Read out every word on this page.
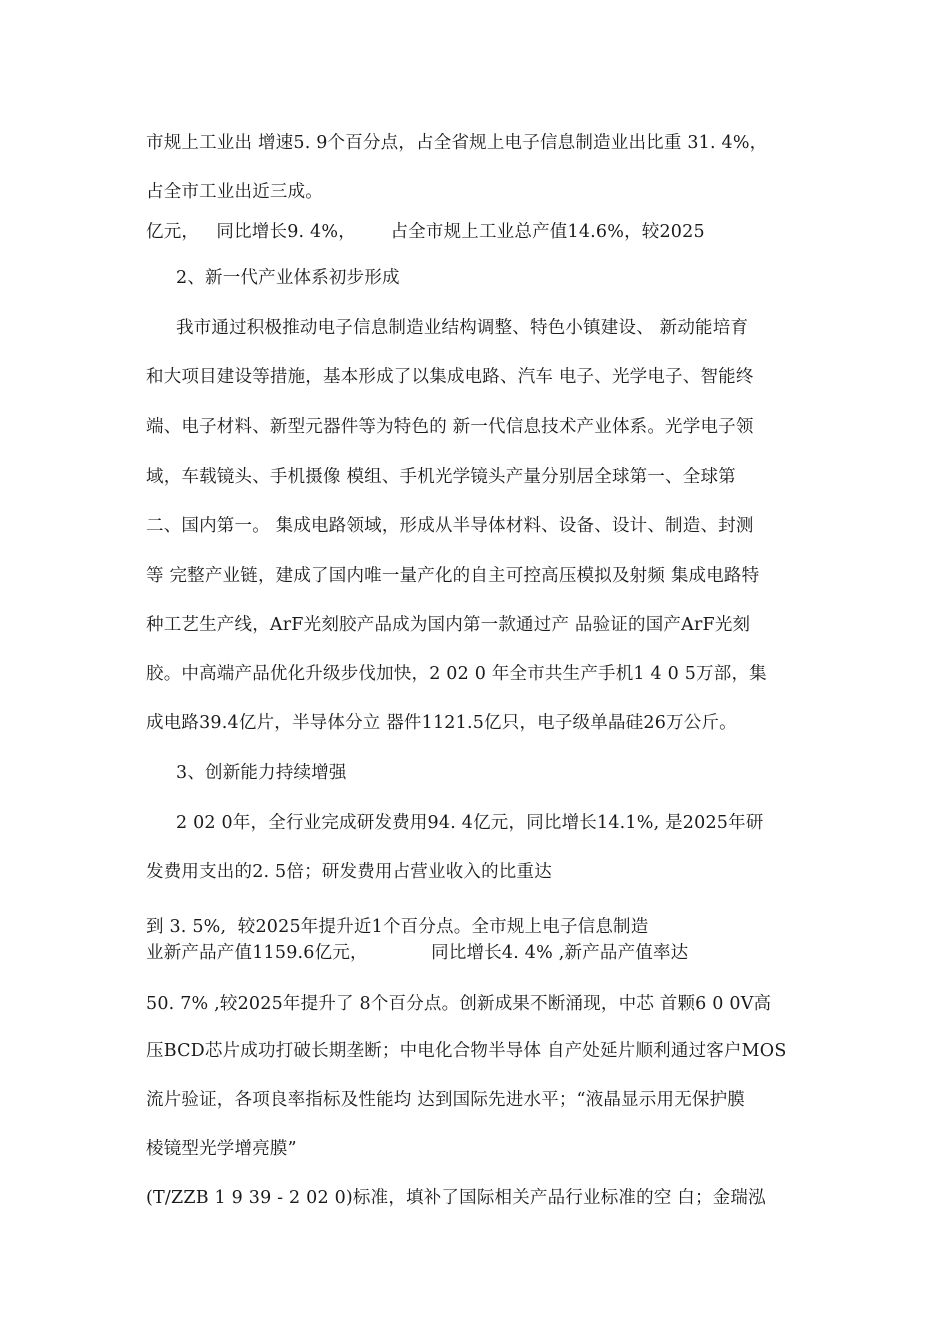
市规上工业出 增速5. 9个百分点，占全省规上电子信息制造业出比重 31. 4%，

占全市工业出近三成。

亿元，   同比增长9. 4%，      占全市规上工业总产值14.6%，较2025

2、新一代产业体系初步形成

我市通过积极推动电子信息制造业结构调整、特色小镇建设、 新动能培育

和大项目建设等措施，基本形成了以集成电路、汽车 电子、光学电子、智能终

端、电子材料、新型元器件等为特色的 新一代信息技术产业体系。光学电子领

域，车载镜头、手机摄像 模组、手机光学镜头产量分别居全球第一、全球第

二、国内第一。 集成电路领域，形成从半导体材料、设备、设计、制造、封测

等 完整产业链，建成了国内唯一量产化的自主可控高压模拟及射频 集成电路特

种工艺生产线，ArF光刻胶产品成为国内第一款通过产 品验证的国产ArF光刻

胶。中高端产品优化升级步伐加快，2 02 0 年全市共生产手机1 4 0 5万部，集

成电路39.4亿片，半导体分立 器件1121.5亿只，电子级单晶硅26万公斤。

3、创新能力持续增强

2 02 0年，全行业完成研发费用94. 4亿元，同比增长14.1%, 是2025年研

发费用支出的2. 5倍；研发费用占营业收入的比重达

到 3. 5%,  较2025年提升近1个百分点。全市规上电子信息制造

业新产品产值1159.6亿元，           同比增长4. 4% ,新产品产值率达

50. 7% ,较2025年提升了 8个百分点。创新成果不断涌现，中芯 首颗6 0 0V高

压BCD芯片成功打破长期垄断；中电化合物半导体 自产处延片顺利通过客户MOS

流片验证，各项良率指标及性能均 达到国际先进水平；“液晶显示用无保护膜

棱镜型光学增亮膜”

(T/ZZB 1 9 39 - 2 02 0)标准，填补了国际相关产品行业标准的空 白；金瑞泓
